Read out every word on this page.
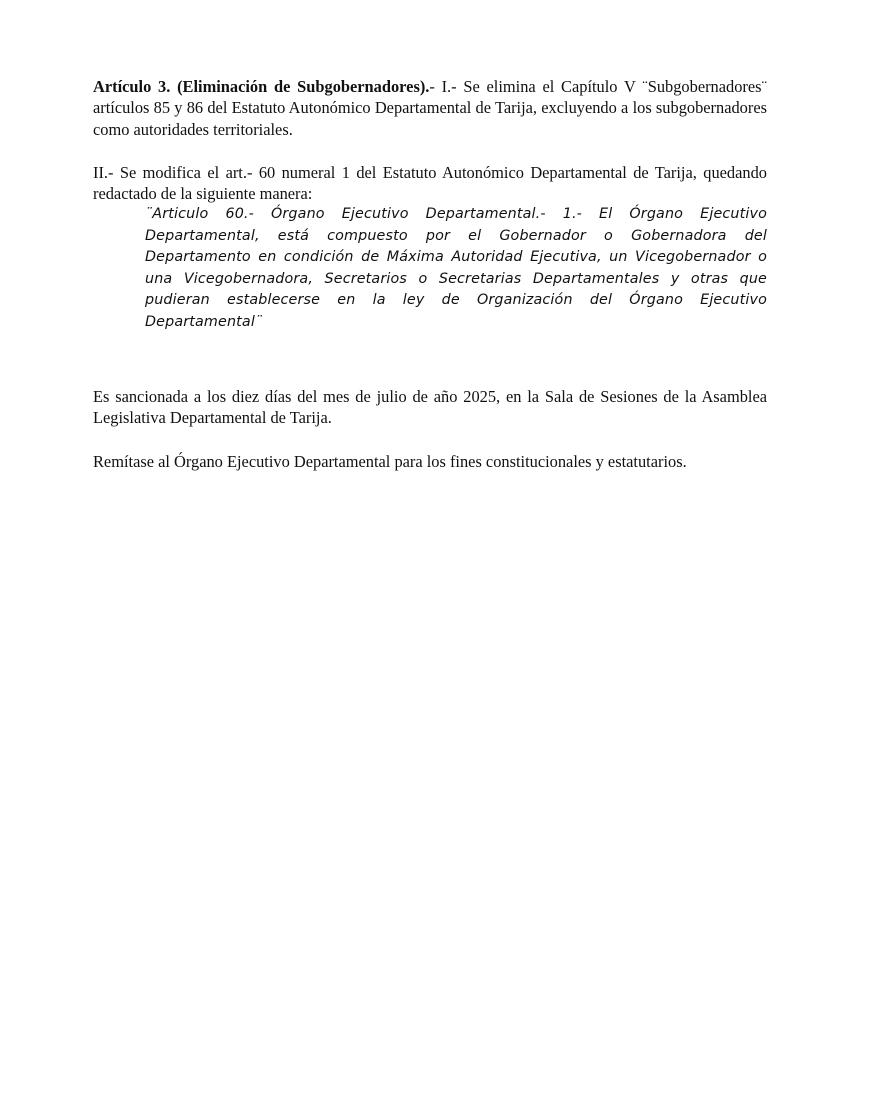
Artículo 3. (Eliminación de Subgobernadores).- I.- Se elimina el Capítulo V ¨Subgobernadores¨ artículos 85 y 86 del Estatuto Autonómico Departamental de Tarija, excluyendo a los subgobernadores como autoridades territoriales.

II.- Se modifica el art.- 60 numeral 1 del Estatuto Autonómico Departamental de Tarija, quedando redactado de la siguiente manera:

¨Articulo 60.- Órgano Ejecutivo Departamental.- 1.- El Órgano Ejecutivo Departamental, está compuesto por el Gobernador o Gobernadora del Departamento en condición de Máxima Autoridad Ejecutiva, un Vicegobernador o una Vicegobernadora, Secretarios o Secretarias Departamentales y otras que pudieran establecerse en la ley de Organización del Órgano Ejecutivo Departamental¨

Es sancionada a los diez días del mes de julio de año 2025, en la Sala de Sesiones de la Asamblea Legislativa Departamental de Tarija.

Remítase al Órgano Ejecutivo Departamental para los fines constitucionales y estatutarios.
